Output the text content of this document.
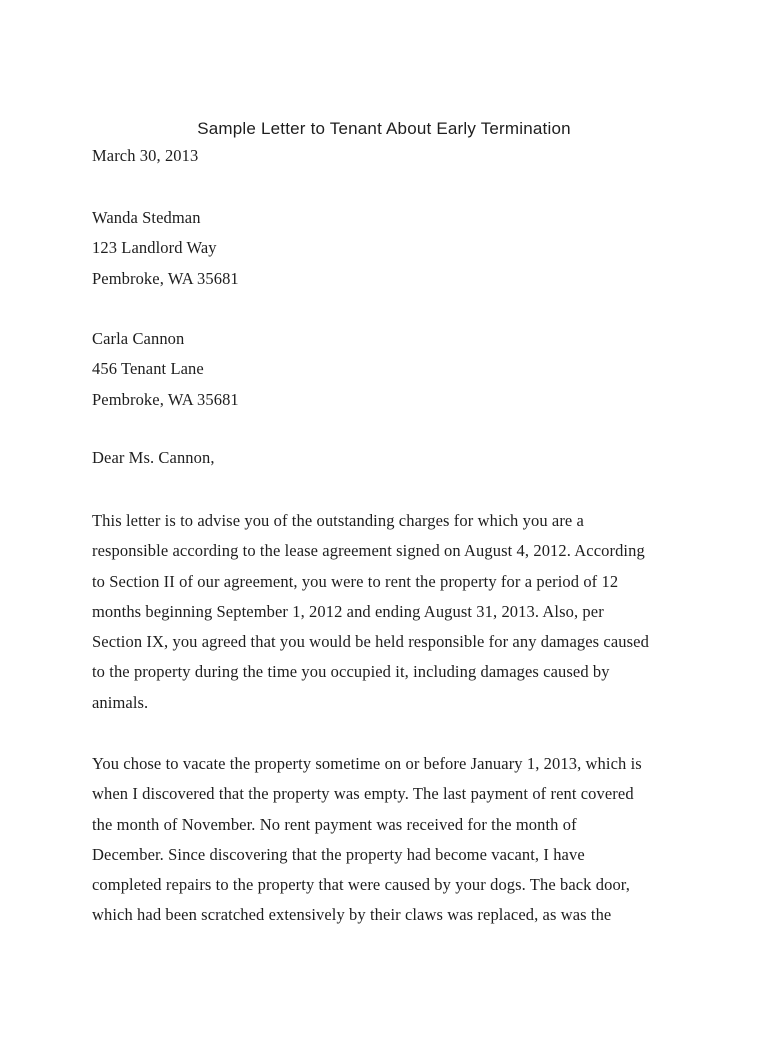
Sample Letter to Tenant About Early Termination
March 30, 2013
Wanda Stedman
123 Landlord Way
Pembroke, WA 35681
Carla Cannon
456 Tenant Lane
Pembroke, WA 35681
Dear Ms. Cannon,
This letter is to advise you of the outstanding charges for which you are a
responsible according to the lease agreement signed on August 4, 2012. According
to Section II of our agreement, you were to rent the property for a period of 12
months beginning September 1, 2012 and ending August 31, 2013. Also, per
Section IX, you agreed that you would be held responsible for any damages caused
to the property during the time you occupied it, including damages caused by
animals.
You chose to vacate the property sometime on or before January 1, 2013, which is
when I discovered that the property was empty. The last payment of rent covered
the month of November. No rent payment was received for the month of
December. Since discovering that the property had become vacant, I have
completed repairs to the property that were caused by your dogs. The back door,
which had been scratched extensively by their claws was replaced, as was the
